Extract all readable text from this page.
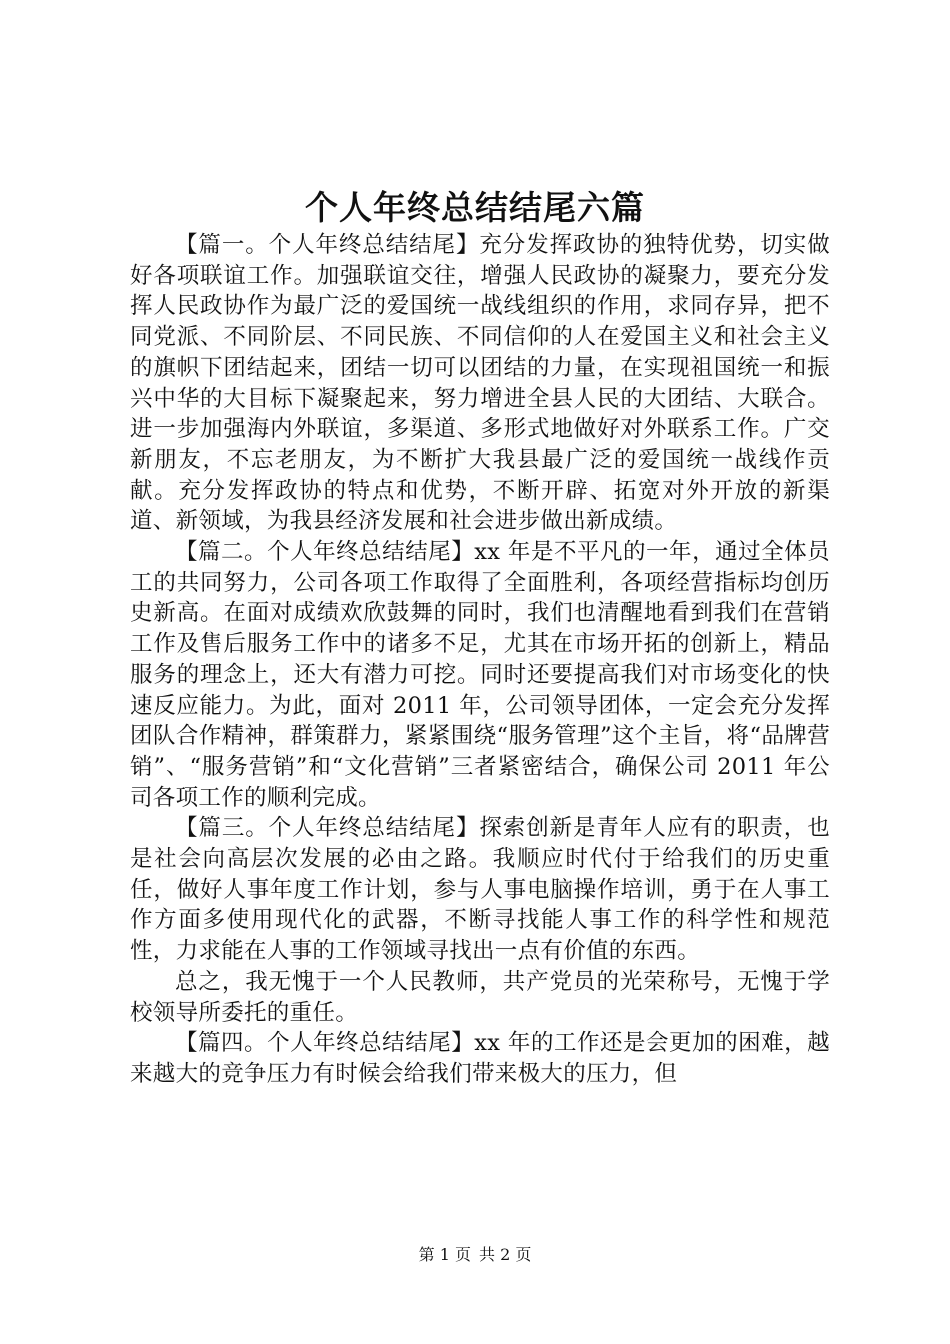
个人年终总结结尾六篇

【篇一。个人年终总结结尾】充分发挥政协的独特优势，切实做好各项联谊工作。加强联谊交往，增强人民政协的凝聚力，要充分发挥人民政协作为最广泛的爱国统一战线组织的作用，求同存异，把不同党派、不同阶层、不同民族、不同信仰的人在爱国主义和社会主义的旗帜下团结起来，团结一切可以团结的力量，在实现祖国统一和振兴中华的大目标下凝聚起来，努力增进全县人民的大团结、大联合。进一步加强海内外联谊，多渠道、多形式地做好对外联系工作。广交新朋友，不忘老朋友，为不断扩大我县最广泛的爱国统一战线作贡献。充分发挥政协的特点和优势，不断开辟、拓宽对外开放的新渠道、新领域，为我县经济发展和社会进步做出新成绩。

【篇二。个人年终总结结尾】xx 年是不平凡的一年，通过全体员工的共同努力，公司各项工作取得了全面胜利，各项经营指标均创历史新高。在面对成绩欢欣鼓舞的同时，我们也清醒地看到我们在营销工作及售后服务工作中的诸多不足，尤其在市场开拓的创新上，精品服务的理念上，还大有潜力可挖。同时还要提高我们对市场变化的快速反应能力。为此，面对 2011 年，公司领导团体，一定会充分发挥团队合作精神，群策群力，紧紧围绕“服务管理”这个主旨，将“品牌营销”、“服务营销”和“文化营销”三者紧密结合，确保公司 2011 年公司各项工作的顺利完成。

【篇三。个人年终总结结尾】探索创新是青年人应有的职责，也是社会向高层次发展的必由之路。我顺应时代付于给我们的历史重任，做好人事年度工作计划，参与人事电脑操作培训，勇于在人事工作方面多使用现代化的武器，不断寻找能人事工作的科学性和规范性，力求能在人事的工作领域寻找出一点有价值的东西。

总之，我无愧于一个人民教师，共产党员的光荣称号，无愧于学校领导所委托的重任。

【篇四。个人年终总结结尾】xx 年的工作还是会更加的困难，越来越大的竞争压力有时候会给我们带来极大的压力，但

第 1 页 共 2 页
